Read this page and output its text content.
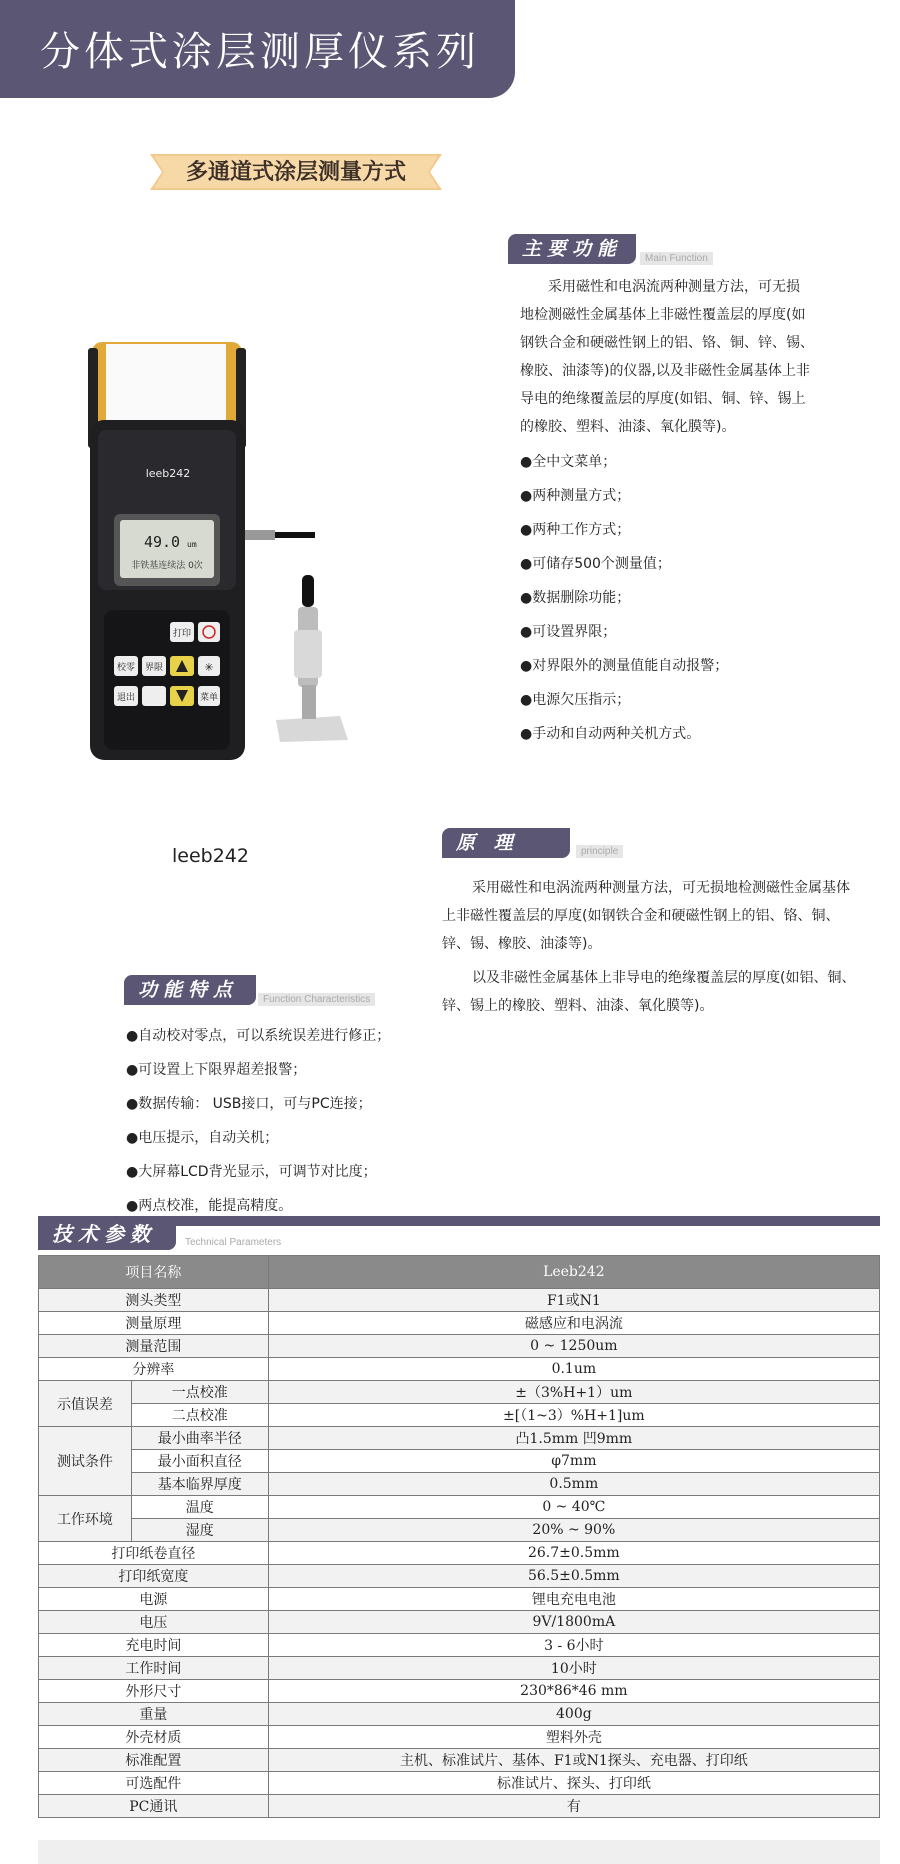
分体式涂层测厚仪系列
多通道式涂层测量方式
主要功能	Main Function
采用磁性和电涡流两种测量方法，可无损
地检测磁性金属基体上非磁性覆盖层的厚度(如
钢铁合金和硬磁性钢上的铝、铬、铜、锌、锡、
橡胶、油漆等)的仪器,以及非磁性金属基体上非
导电的绝缘覆盖层的厚度(如铝、铜、锌、锡上
的橡胶、塑料、油漆、氧化膜等)。
●全中文菜单；
●两种测量方式；
●两种工作方式；
●可储存500个测量值；
●数据删除功能；
●可设置界限；
●对界限外的测量值能自动报警；
●电源欠压指示；
●手动和自动两种关机方式。
leeb242
49.0 um
非铁基连续法 0次
打印
校零 界限	✳
退出	菜单
leeb242
原 理	principle
采用磁性和电涡流两种测量方法，可无损地检测磁性金属基体
上非磁性覆盖层的厚度(如钢铁合金和硬磁性钢上的铝、铬、铜、
锌、锡、橡胶、油漆等)。
以及非磁性金属基体上非导电的绝缘覆盖层的厚度(如铝、铜、
锌、锡上的橡胶、塑料、油漆、氧化膜等)。
功能特点	Function Characteristics
●自动校对零点，可以系统误差进行修正；
●可设置上下限界超差报警；
●数据传输： USB接口，可与PC连接；
●电压提示，自动关机；
●大屏幕LCD背光显示，可调节对比度；
●两点校准，能提高精度。
技术参数	Technical Parameters
项目名称		Leeb242
测头类型		F1或N1
测量原理		磁感应和电涡流
测量范围		0 ~ 1250um
分辨率		0.1um
示值误差	一点校准	±（3%H+1）um
	二点校准	±[（1~3）%H+1]um
测试条件	最小曲率半径	凸1.5mm 凹9mm
	最小面积直径	φ7mm
	基本临界厚度	0.5mm
工作环境	温度	0 ~ 40℃
	湿度	20% ~ 90%
打印纸卷直径		26.7±0.5mm
打印纸宽度		56.5±0.5mm
电源		锂电充电电池
电压		9V/1800mA
充电时间		3 - 6小时
工作时间		10小时
外形尺寸		230*86*46 mm
重量		400g
外壳材质		塑料外壳
标准配置		主机、标准试片、基体、F1或N1探头、充电器、打印纸
可选配件		标准试片、探头、打印纸
PC通讯		有
